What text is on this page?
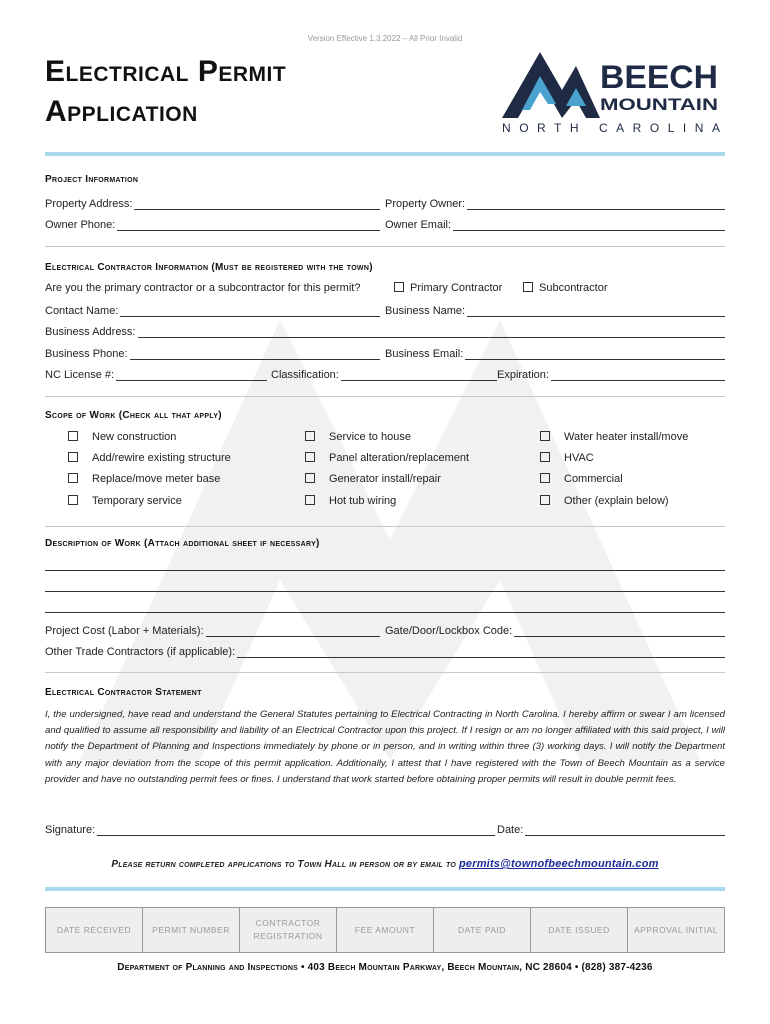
Version Effective 1.3.2022 – All Prior Invalid
Electrical Permit
Application
BEECH
MOUNTAIN
NORTH CAROLINA
Project Information
Property Address:	Property Owner:
Owner Phone:	Owner Email:
Electrical Contractor Information (Must be registered with the town)
Are you the primary contractor or a subcontractor for this permit?	Primary Contractor	Subcontractor
Contact Name:	Business Name:
Business Address:
Business Phone:	Business Email:
NC License #:	Classification:	Expiration:
Scope of Work (Check all that apply)
New construction
Add/rewire existing structure
Replace/move meter base
Temporary service
Service to house
Panel alteration/replacement
Generator install/repair
Hot tub wiring
Water heater install/move
HVAC
Commercial
Other (explain below)
Description of Work (Attach additional sheet if necessary)
Project Cost (Labor + Materials):	Gate/Door/Lockbox Code:
Other Trade Contractors (if applicable):
Electrical Contractor Statement
I, the undersigned, have read and understand the General Statutes pertaining to Electrical Contracting in North Carolina. I hereby affirm or swear I am licensed and qualified to assume all responsibility and liability of an Electrical Contractor upon this project. If I resign or am no longer affiliated with this said project, I will notify the Department of Planning and Inspections immediately by phone or in person, and in writing within three (3) working days. I will notify the Department with any major deviation from the scope of this permit application. Additionally, I attest that I have registered with the Town of Beech Mountain as a service provider and have no outstanding permit fees or fines. I understand that work started before obtaining proper permits will result in double permit fees.
Signature:	Date:
Please return completed applications to Town Hall in person or by email to permits@townofbeechmountain.com
DATE RECEIVED	PERMIT NUMBER	CONTRACTOR REGISTRATION	FEE AMOUNT	DATE PAID	DATE ISSUED	APPROVAL INITIAL
Department of Planning and Inspections • 403 Beech Mountain Parkway, Beech Mountain, NC 28604 • (828) 387-4236
